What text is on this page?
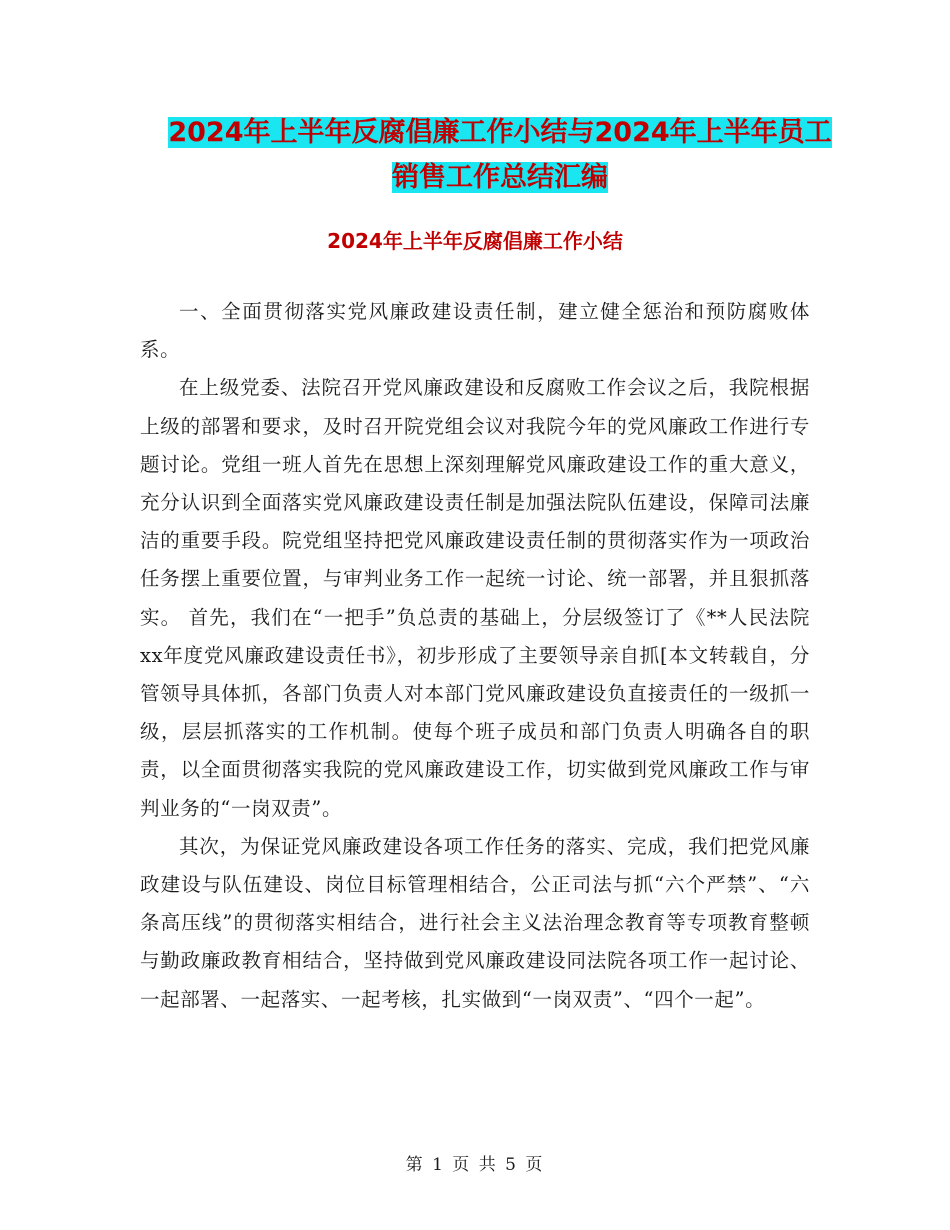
2024年上半年反腐倡廉工作小结与2024年上半年员工
销售工作总结汇编
2024年上半年反腐倡廉工作小结

一、全面贯彻落实党风廉政建设责任制，建立健全惩治和预防腐败体系。

在上级党委、法院召开党风廉政建设和反腐败工作会议之后，我院根据上级的部署和要求，及时召开院党组会议对我院今年的党风廉政工作进行专题讨论。党组一班人首先在思想上深刻理解党风廉政建设工作的重大意义，充分认识到全面落实党风廉政建设责任制是加强法院队伍建设，保障司法廉洁的重要手段。院党组坚持把党风廉政建设责任制的贯彻落实作为一项政治任务摆上重要位置，与审判业务工作一起统一讨论、统一部署，并且狠抓落实。 首先，我们在“一把手”负总责的基础上，分层级签订了《**人民法院xx年度党风廉政建设责任书》，初步形成了主要领导亲自抓[本文转载自，分管领导具体抓，各部门负责人对本部门党风廉政建设负直接责任的一级抓一级，层层抓落实的工作机制。使每个班子成员和部门负责人明确各自的职责，以全面贯彻落实我院的党风廉政建设工作，切实做到党风廉政工作与审判业务的“一岗双责”。

其次，为保证党风廉政建设各项工作任务的落实、完成，我们把党风廉政建设与队伍建设、岗位目标管理相结合，公正司法与抓“六个严禁”、“六条高压线”的贯彻落实相结合，进行社会主义法治理念教育等专项教育整顿与勤政廉政教育相结合，坚持做到党风廉政建设同法院各项工作一起讨论、一起部署、一起落实、一起考核，扎实做到“一岗双责”、“四个一起”。

第 1 页 共 5 页
